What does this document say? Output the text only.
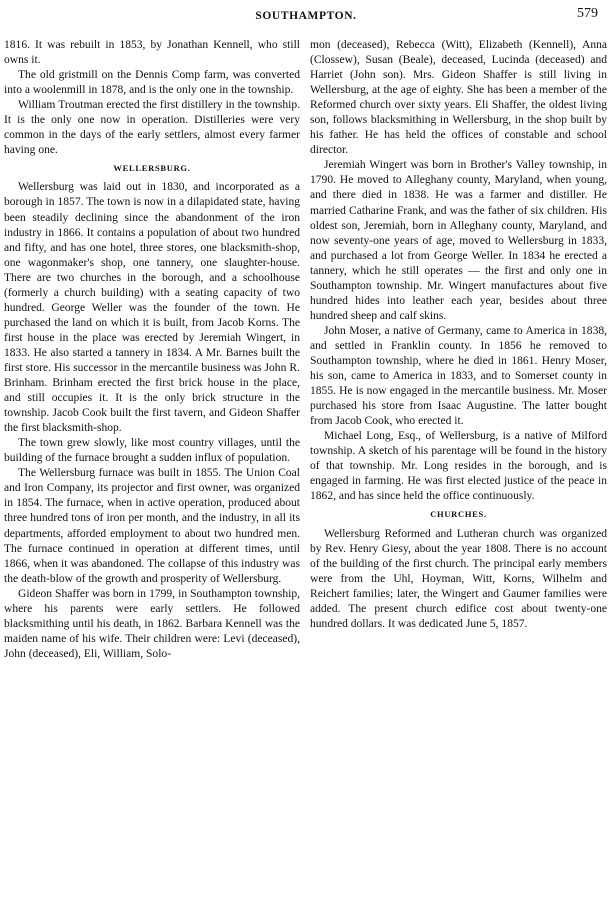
SOUTHAMPTON.	579

1816. It was rebuilt in 1853, by Jonathan Kennell, who still owns it.

The old gristmill on the Dennis Comp farm, was converted into a woolenmill in 1878, and is the only one in the township.

William Troutman erected the first distillery in the township. It is the only one now in operation. Distilleries were very common in the days of the early settlers, almost every farmer having one.

WELLERSBURG.

Wellersburg was laid out in 1830, and incorporated as a borough in 1857. The town is now in a dilapidated state, having been steadily declining since the abandonment of the iron industry in 1866. It contains a population of about two hundred and fifty, and has one hotel, three stores, one blacksmith-shop, one wagonmaker's shop, one tannery, one slaughter-house. There are two churches in the borough, and a schoolhouse (formerly a church building) with a seating capacity of two hundred. George Weller was the founder of the town. He purchased the land on which it is built, from Jacob Korns. The first house in the place was erected by Jeremiah Wingert, in 1833. He also started a tannery in 1834. A Mr. Barnes built the first store. His successor in the mercantile business was John R. Brinham. Brinham erected the first brick house in the place, and still occupies it. It is the only brick structure in the township. Jacob Cook built the first tavern, and Gideon Shaffer the first blacksmith-shop.

The town grew slowly, like most country villages, until the building of the furnace brought a sudden influx of population.

The Wellersburg furnace was built in 1855. The Union Coal and Iron Company, its projector and first owner, was organized in 1854. The furnace, when in active operation, produced about three hundred tons of iron per month, and the industry, in all its departments, afforded employment to about two hundred men. The furnace continued in operation at different times, until 1866, when it was abandoned. The collapse of this industry was the death-blow of the growth and prosperity of Wellersburg.

Gideon Shaffer was born in 1799, in Southampton township, where his parents were early settlers. He followed blacksmithing until his death, in 1862. Barbara Kennell was the maiden name of his wife. Their children were: Levi (deceased), John (deceased), Eli, William, Solo-

mon (deceased), Rebecca (Witt), Elizabeth (Kennell), Anna (Clossew), Susan (Beale), deceased, Lucinda (deceased) and Harriet (John son). Mrs. Gideon Shaffer is still living in Wellersburg, at the age of eighty. She has been a member of the Reformed church over sixty years. Eli Shaffer, the oldest living son, follows blacksmithing in Wellersburg, in the shop built by his father. He has held the offices of constable and school director.

Jeremiah Wingert was born in Brother's Valley township, in 1790. He moved to Alleghany county, Maryland, when young, and there died in 1838. He was a farmer and distiller. He married Catharine Frank, and was the father of six children. His oldest son, Jeremiah, born in Alleghany county, Maryland, and now seventy-one years of age, moved to Wellersburg in 1833, and purchased a lot from George Weller. In 1834 he erected a tannery, which he still operates — the first and only one in Southampton township. Mr. Wingert manufactures about five hundred hides into leather each year, besides about three hundred sheep and calf skins.

John Moser, a native of Germany, came to America in 1838, and settled in Franklin county. In 1856 he removed to Southampton township, where he died in 1861. Henry Moser, his son, came to America in 1833, and to Somerset county in 1855. He is now engaged in the mercantile business. Mr. Moser purchased his store from Isaac Augustine. The latter bought from Jacob Cook, who erected it.

Michael Long, Esq., of Wellersburg, is a native of Milford township. A sketch of his parentage will be found in the history of that township. Mr. Long resides in the borough, and is engaged in farming. He was first elected justice of the peace in 1862, and has since held the office continuously.

CHURCHES.

Wellersburg Reformed and Lutheran church was organized by Rev. Henry Giesy, about the year 1808. There is no account of the building of the first church. The principal early members were from the Uhl, Hoyman, Witt, Korns, Wilhelm and Reichert families; later, the Wingert and Gaumer families were added. The present church edifice cost about twenty-one hundred dollars. It was dedicated June 5, 1857.
